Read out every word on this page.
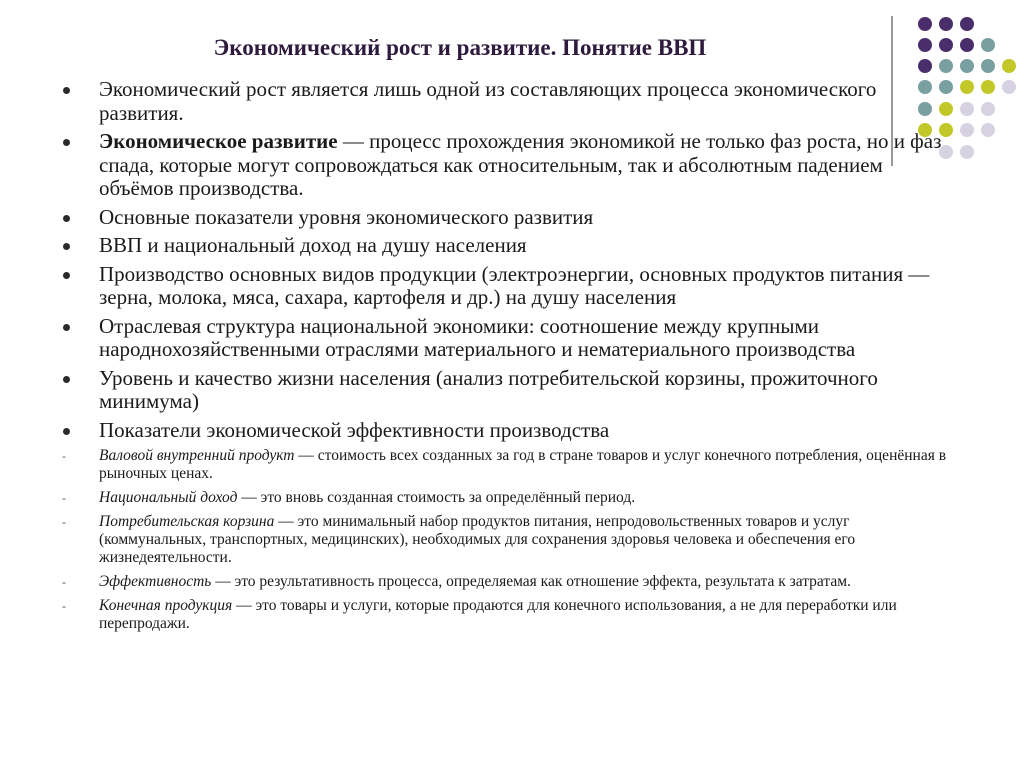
Экономический рост и развитие. Понятие ВВП
Экономический рост является лишь одной из составляющих процесса экономического развития.
Экономическое развитие — процесс прохождения экономикой не только фаз роста, но и фаз спада, которые могут сопровождаться как относительным, так и абсолютным падением объёмов производства.
Основные показатели уровня экономического развития
ВВП и национальный доход на душу населения
Производство основных видов продукции (электроэнергии, основных продуктов питания — зерна, молока, мяса, сахара, картофеля и др.) на душу населения
Отраслевая структура национальной экономики: соотношение между крупными народнохозяйственными отраслями материального и нематериального производства
Уровень и качество жизни населения (анализ потребительской корзины, прожиточного минимума)
Показатели экономической эффективности производства
- Валовой внутренний продукт — стоимость всех созданных за год в стране товаров и услуг конечного потребления, оценённая в рыночных ценах.
- Национальный доход — это вновь созданная стоимость за определённый период.
- Потребительская корзина — это минимальный набор продуктов питания, непродовольственных товаров и услуг (коммунальных, транспортных, медицинских), необходимых для сохранения здоровья человека и обеспечения его жизнедеятельности.
- Эффективность — это результативность процесса, определяемая как отношение эффекта, результата к затратам.
- Конечная продукция — это товары и услуги, которые продаются для конечного использования, а не для переработки или перепродажи.
